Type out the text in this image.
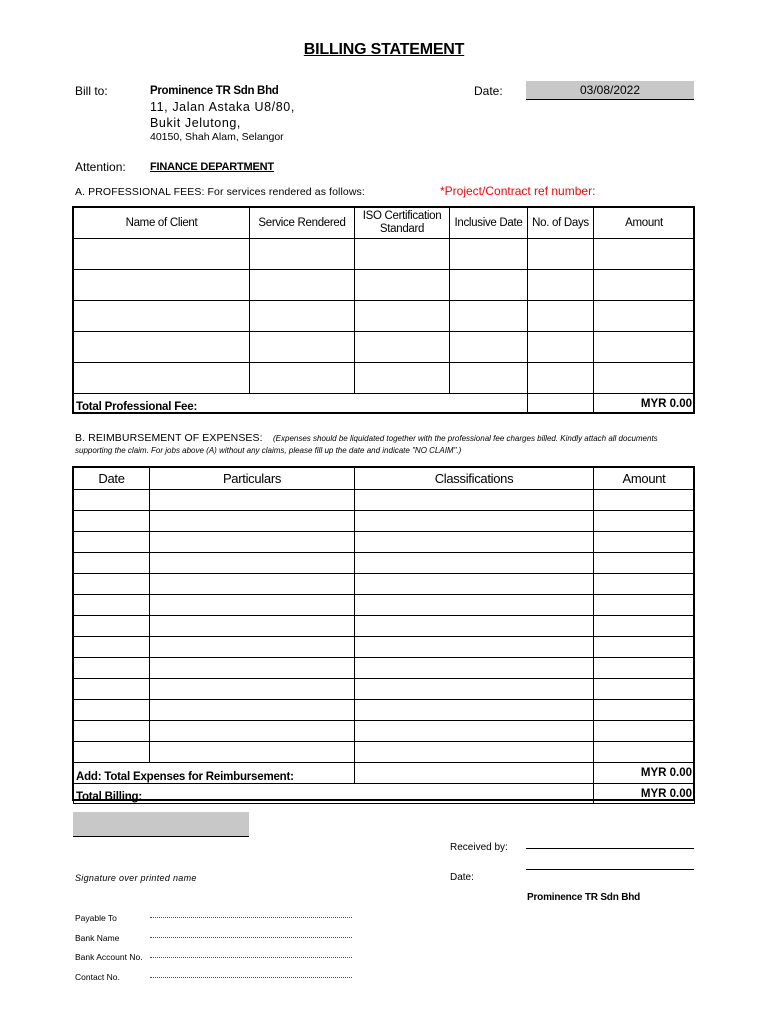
BILLING STATEMENT
Bill to:	Prominence TR Sdn Bhd
11, Jalan Astaka U8/80,
Bukit Jelutong,
40150, Shah Alam, Selangor
Date:	03/08/2022
Attention: FINANCE DEPARTMENT
A. PROFESSIONAL FEES: For services rendered as follows:	*Project/Contract ref number:
Name of Client	Service Rendered	ISO Certification Standard	Inclusive Date	No. of Days	Amount

Total Professional Fee:					MYR 0.00
B. REIMBURSEMENT OF EXPENSES: (Expenses should be liquidated together with the professional fee charges billed. Kindly attach all documents
supporting the claim. For jobs above (A) without any claims, please fill up the date and indicate "NO CLAIM".)
Date	Particulars	Classifications	Amount

Add: Total Expenses for Reimbursement:			MYR 0.00
Total Billing:			MYR 0.00
Signature over printed name
Received by:
Date:
Prominence TR Sdn Bhd
Payable To
Bank Name
Bank Account No.
Contact No.
